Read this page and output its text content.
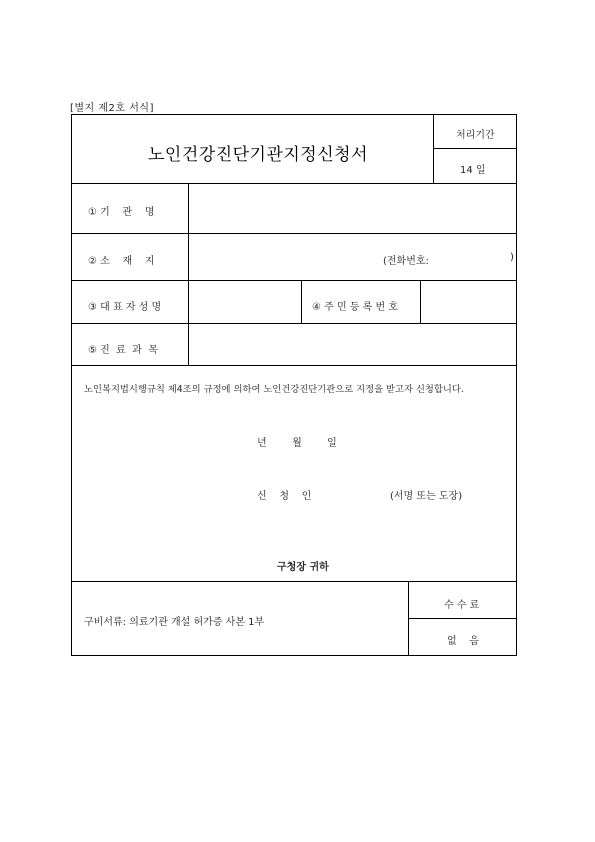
[별지 제2호 서식]
노인건강진단기관지정신청서
처리기간
14 일
① 기    관    명
② 소    재    지	(전화번호:	)
③ 대 표 자 성 명	④ 주 민 등 록 번 호
⑤ 진  료  과  목
노인복지법시행규칙 제4조의 규정에 의하여 노인건강진단기관으로 지정을 받고자 신청합니다.
년        월        일
신    청    인	(서명 또는 도장)
구청장 귀하
구비서류: 의료기관 개설 허가증 사본 1부
수 수 료
없    음
